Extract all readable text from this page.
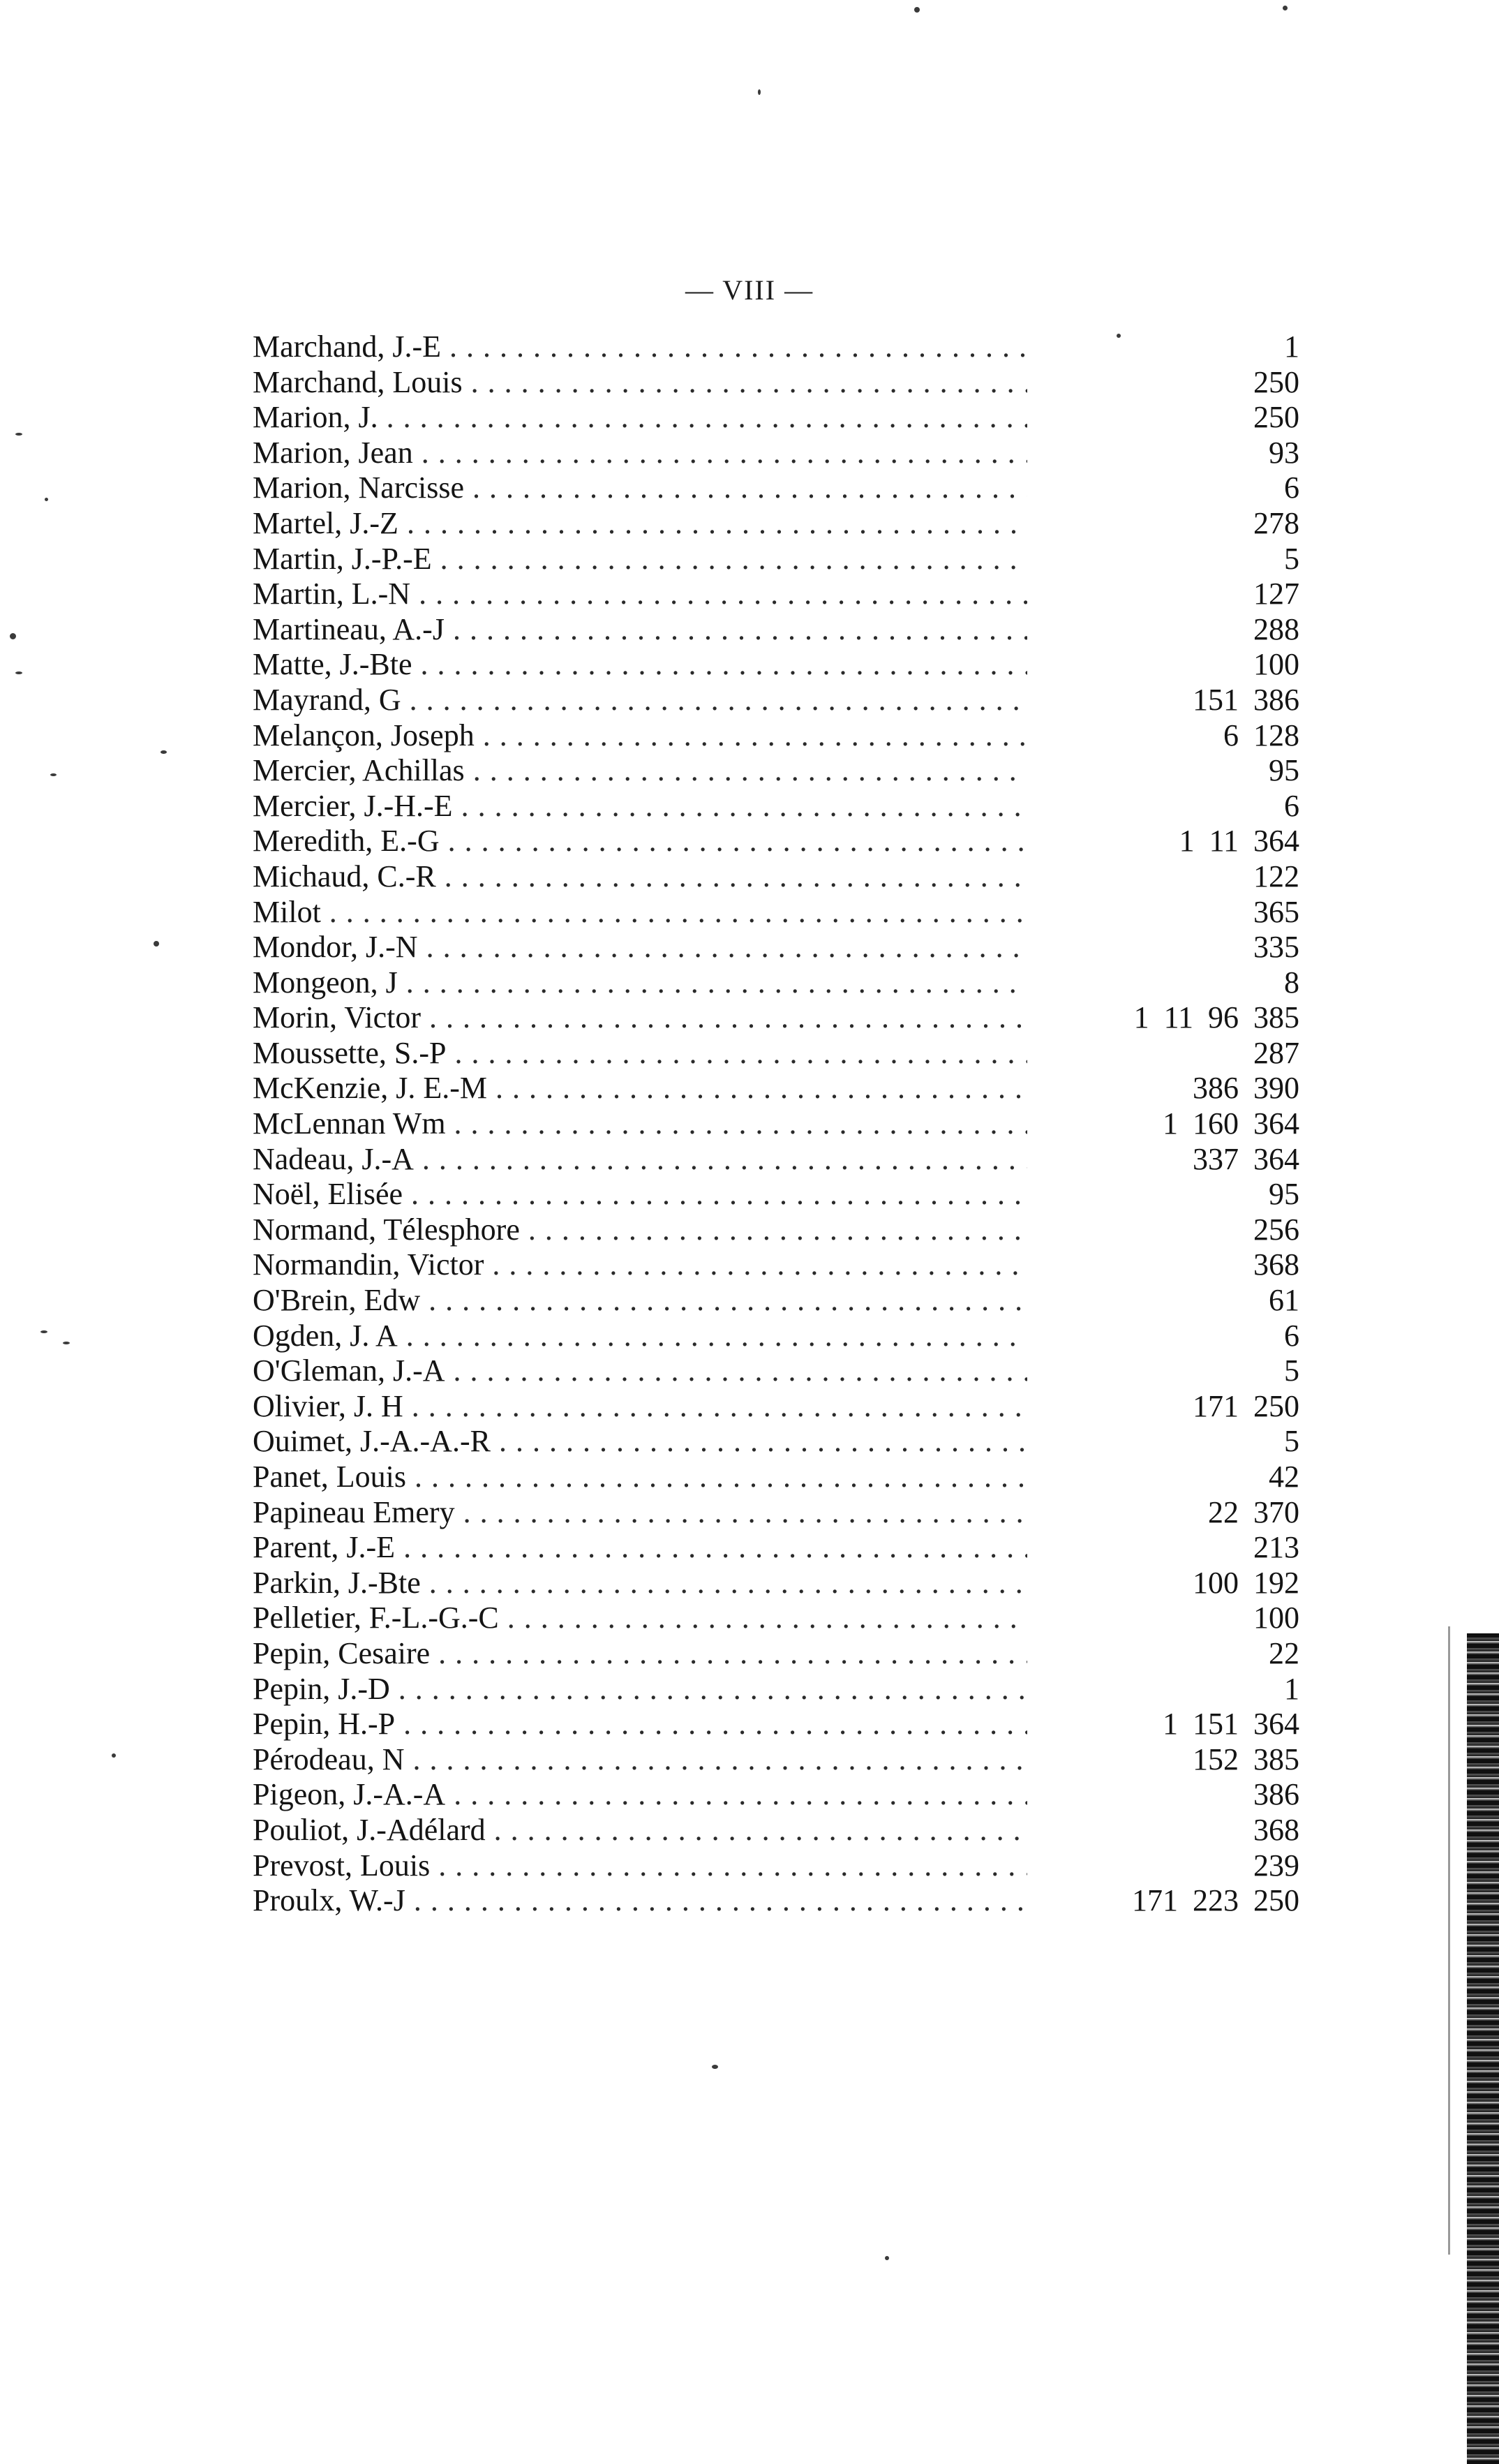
— VIII —
Marchand, J.-E . . .	1
Marchand, Louis . . .	250
Marion, J. . . .	250
Marion, Jean . . .	93
Marion, Narcisse . . .	6
Martel, J.-Z . . .	278
Martin, J.-P.-E . . .	5
Martin, L.-N . . .	127
Martineau, A.-J . . .	288
Matte, J.-Bte . . .	100
Mayrand, G . . .	151 386
Melançon, Joseph . . .	6 128
Mercier, Achillas . . .	95
Mercier, J.-H.-E . . .	6
Meredith, E.-G . . .	1 11 364
Michaud, C.-R . . .	122
Milot . . .	365
Mondor, J.-N . . .	335
Mongeon, J . . .	8
Morin, Victor . . .	1 11 96 385
Moussette, S.-P . . .	287
McKenzie, J. E.-M . . .	386 390
McLennan Wm . . .	1 160 364
Nadeau, J.-A . . .	337 364
Noël, Elisée . . .	95
Normand, Télesphore . . .	256
Normandin, Victor . . .	368
O'Brein, Edw . . .	61
Ogden, J. A . . .	6
O'Gleman, J.-A . . .	5
Olivier, J. H . . .	171 250
Ouimet, J.-A.-A.-R . . .	5
Panet, Louis . . .	42
Papineau Emery . . .	22 370
Parent, J.-E . . .	213
Parkin, J.-Bte . . .	100 192
Pelletier, F.-L.-G.-C . . .	100
Pepin, Cesaire . . .	22
Pepin, J.-D . . .	1
Pepin, H.-P . . .	1 151 364
Pérodeau, N . . .	152 385
Pigeon, J.-A.-A . . .	386
Pouliot, J.-Adélard . . .	368
Prevost, Louis . . .	239
Proulx, W.-J . . .	171 223 250
